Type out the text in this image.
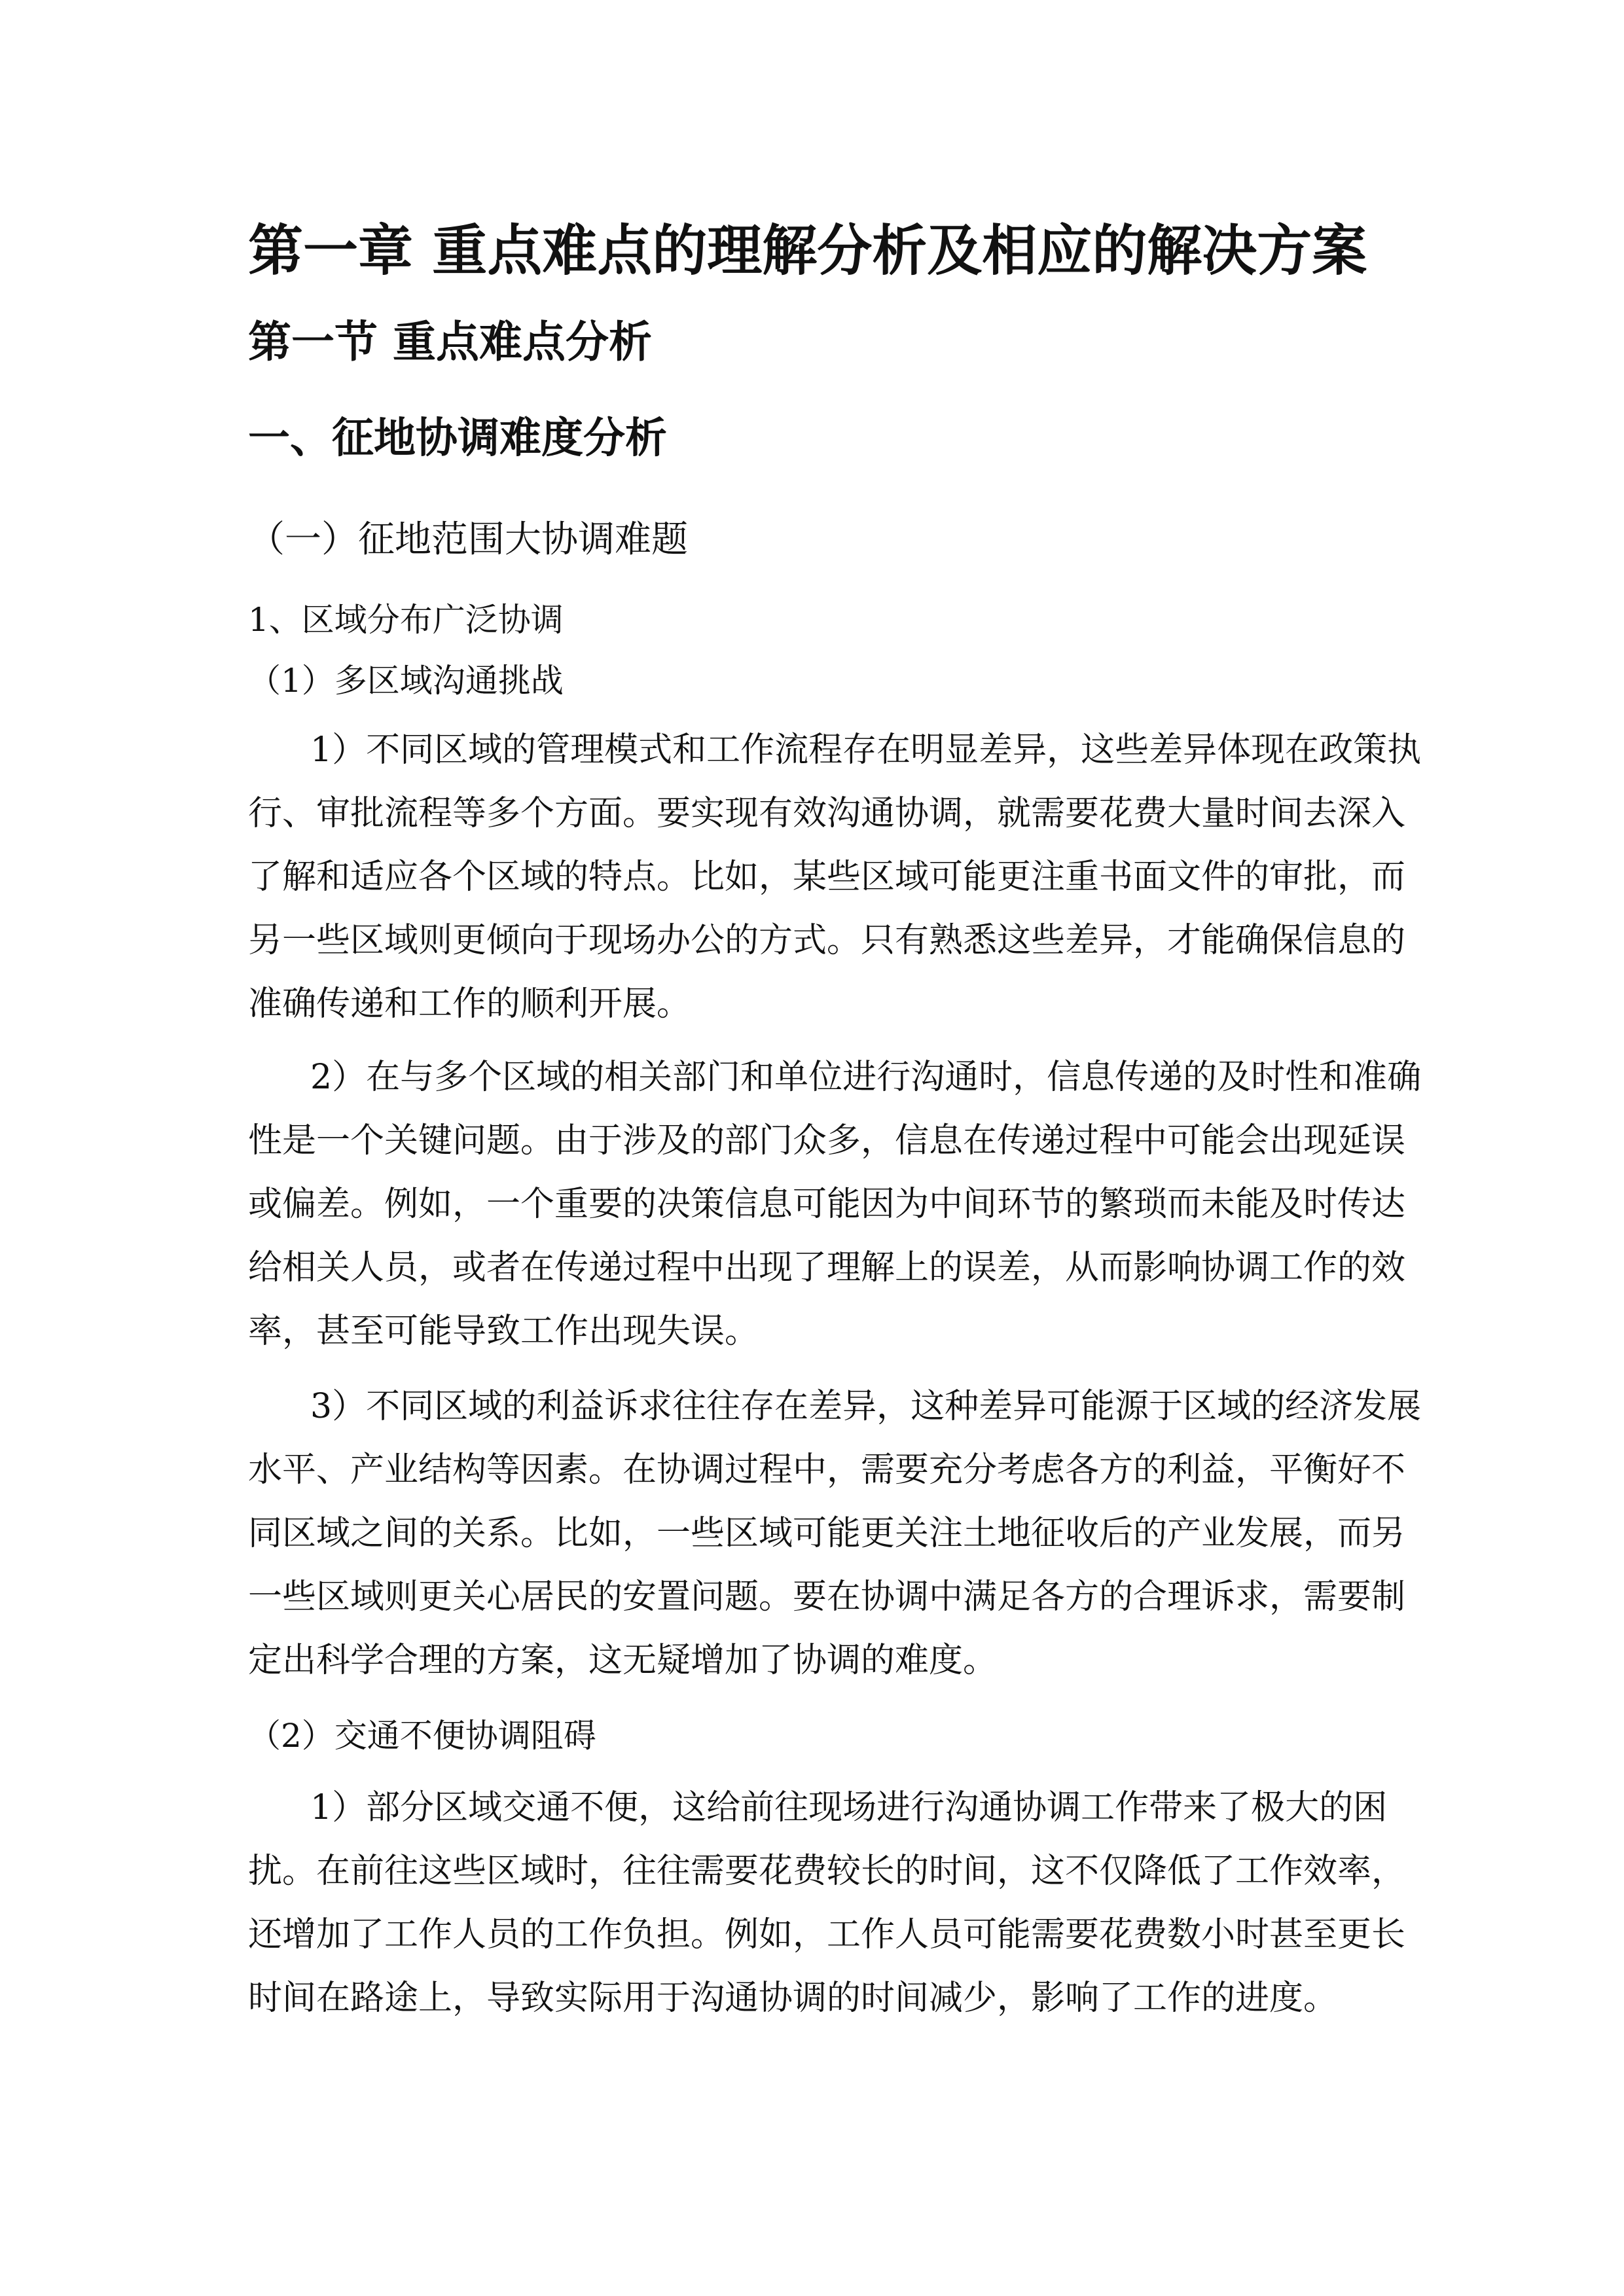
第一章 重点难点的理解分析及相应的解决方案
第一节 重点难点分析
一、征地协调难度分析
（一）征地范围大协调难题
1、区域分布广泛协调
（1）多区域沟通挑战
1）不同区域的管理模式和工作流程存在明显差异，这些差异体现在政策执
行、审批流程等多个方面。要实现有效沟通协调，就需要花费大量时间去深入
了解和适应各个区域的特点。比如，某些区域可能更注重书面文件的审批，而
另一些区域则更倾向于现场办公的方式。只有熟悉这些差异，才能确保信息的
准确传递和工作的顺利开展。
2）在与多个区域的相关部门和单位进行沟通时，信息传递的及时性和准确
性是一个关键问题。由于涉及的部门众多，信息在传递过程中可能会出现延误
或偏差。例如，一个重要的决策信息可能因为中间环节的繁琐而未能及时传达
给相关人员，或者在传递过程中出现了理解上的误差，从而影响协调工作的效
率，甚至可能导致工作出现失误。
3）不同区域的利益诉求往往存在差异，这种差异可能源于区域的经济发展
水平、产业结构等因素。在协调过程中，需要充分考虑各方的利益，平衡好不
同区域之间的关系。比如，一些区域可能更关注土地征收后的产业发展，而另
一些区域则更关心居民的安置问题。要在协调中满足各方的合理诉求，需要制
定出科学合理的方案，这无疑增加了协调的难度。
（2）交通不便协调阻碍
1）部分区域交通不便，这给前往现场进行沟通协调工作带来了极大的困
扰。在前往这些区域时，往往需要花费较长的时间，这不仅降低了工作效率，
还增加了工作人员的工作负担。例如，工作人员可能需要花费数小时甚至更长
时间在路途上，导致实际用于沟通协调的时间减少，影响了工作的进度。
